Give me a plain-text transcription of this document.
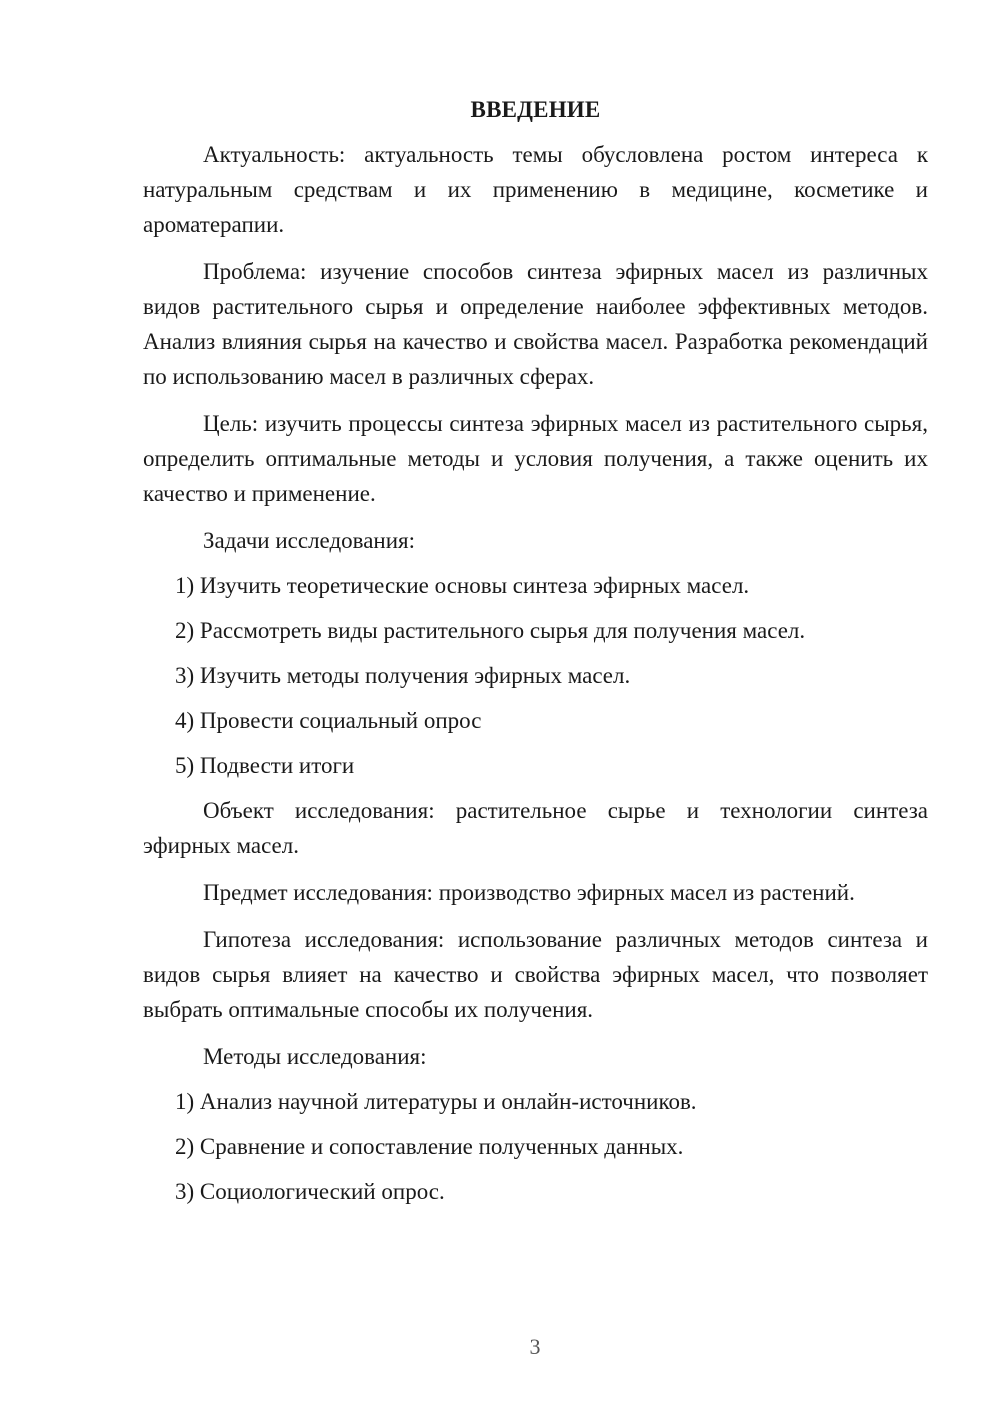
ВВЕДЕНИЕ

Актуальность: актуальность темы обусловлена ростом интереса к натуральным средствам и их применению в медицине, косметике и ароматерапии.

Проблема: изучение способов синтеза эфирных масел из различных видов растительного сырья и определение наиболее эффективных методов. Анализ влияния сырья на качество и свойства масел. Разработка рекомендаций по использованию масел в различных сферах.

Цель: изучить процессы синтеза эфирных масел из растительного сырья, определить оптимальные методы и условия получения, а также оценить их качество и применение.

Задачи исследования:

1) Изучить теоретические основы синтеза эфирных масел.
2) Рассмотреть виды растительного сырья для получения масел.
3) Изучить методы получения эфирных масел.
4) Провести социальный опрос
5) Подвести итоги

Объект исследования: растительное сырье и технологии синтеза эфирных масел.

Предмет исследования: производство эфирных масел из растений.

Гипотеза исследования: использование различных методов синтеза и видов сырья влияет на качество и свойства эфирных масел, что позволяет выбрать оптимальные способы их получения.

Методы исследования:

1) Анализ научной литературы и онлайн-источников.
2) Сравнение и сопоставление полученных данных.
3) Социологический опрос.
3
